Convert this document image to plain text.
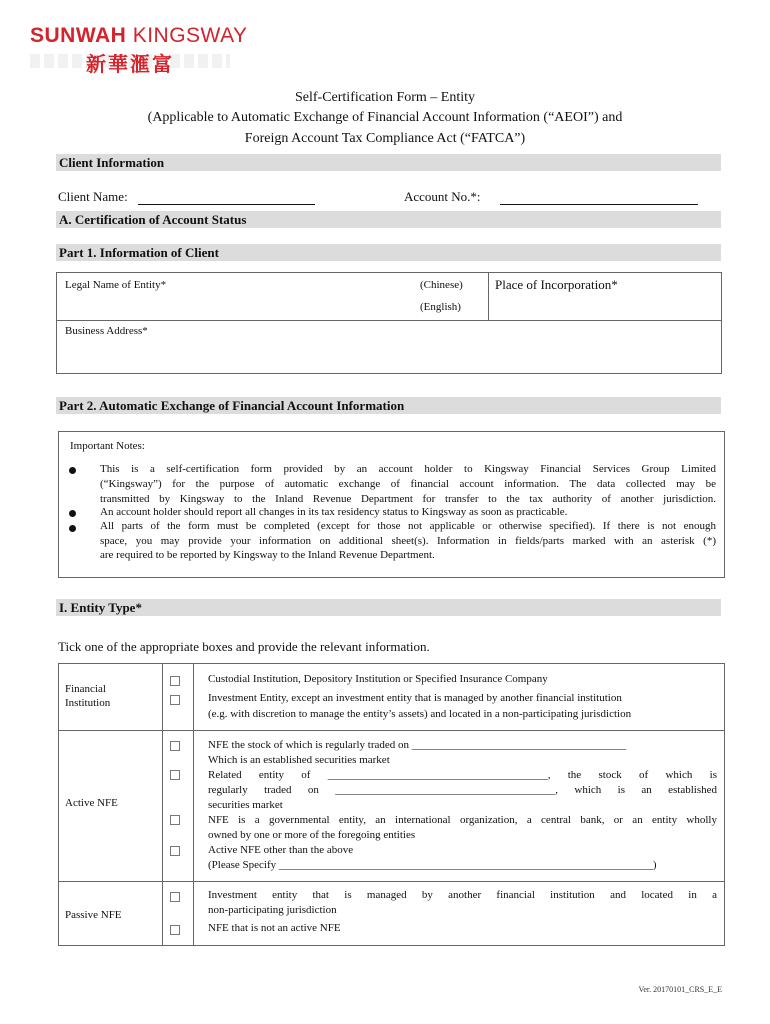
SUNWAH KINGSWAY
新華滙富
Self-Certification Form – Entity
(Applicable to Automatic Exchange of Financial Account Information (“AEOI”) and
Foreign Account Tax Compliance Act (“FATCA”)
Client Information
Client Name:	Account No.*:
A. Certification of Account Status
Part 1. Information of Client
Legal Name of Entity*	(Chinese)
(English)
Place of Incorporation*
Business Address*
Part 2. Automatic Exchange of Financial Account Information
Important Notes:
This is a self-certification form provided by an account holder to Kingsway Financial Services Group Limited
(“Kingsway”) for the purpose of automatic exchange of financial account information. The data collected may be
transmitted by Kingsway to the Inland Revenue Department for transfer to the tax authority of another jurisdiction.
An account holder should report all changes in its tax residency status to Kingsway as soon as practicable.
All parts of the form must be completed (except for those not applicable or otherwise specified). If there is not enough
space, you may provide your information on additional sheet(s). Information in fields/parts marked with an asterisk (*)
are required to be reported by Kingsway to the Inland Revenue Department.
I. Entity Type*
Tick one of the appropriate boxes and provide the relevant information.
Financial
Institution
Custodial Institution, Depository Institution or Specified Insurance Company
Investment Entity, except an investment entity that is managed by another financial institution
(e.g. with discretion to manage the entity’s assets) and located in a non-participating jurisdiction
Active NFE
NFE the stock of which is regularly traded on _______________________________________
Which is an established securities market
Related entity of ________________________________________, the stock of which is
regularly traded on ________________________________________, which is an established
securities market
NFE is a governmental entity, an international organization, a central bank, or an entity wholly
owned by one or more of the foregoing entities
Active NFE other than the above
(Please Specify ____________________________________________________________________)
Passive NFE
Investment entity that is managed by another financial institution and located in a
non-participating jurisdiction
NFE that is not an active NFE
Ver. 20170101_CRS_E_E
